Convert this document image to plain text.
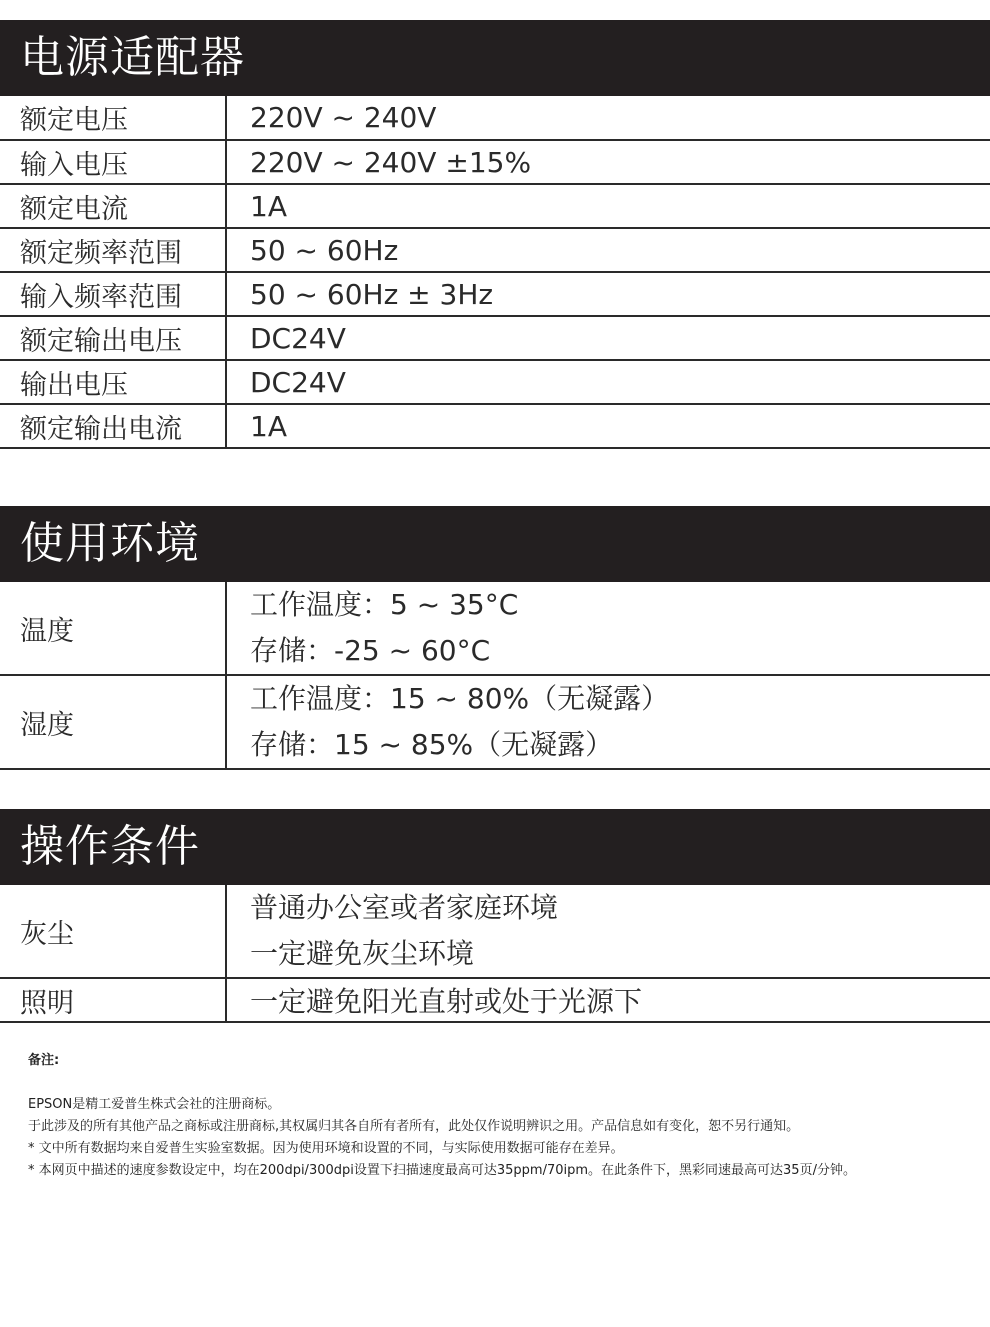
电源适配器
额定电压	220V ~ 240V
输入电压	220V ~ 240V ±15%
额定电流	1A
额定频率范围	50 ~ 60Hz
输入频率范围	50 ~ 60Hz ± 3Hz
额定输出电压	DC24V
输出电压	DC24V
额定输出电流	1A
使用环境
温度	工作温度：5 ~ 35°C
存储：-25 ~ 60°C

湿度	工作温度：15 ~ 80%（无凝露）
存储：15 ~ 85%（无凝露）
操作条件
灰尘	普通办公室或者家庭环境
一定避免灰尘环境

照明	一定避免阳光直射或处于光源下
备注:
EPSON是精工爱普生株式会社的注册商标。
于此涉及的所有其他产品之商标或注册商标,其权属归其各自所有者所有，此处仅作说明辨识之用。产品信息如有变化，恕不另行通知。
* 文中所有数据均来自爱普生实验室数据。因为使用环境和设置的不同，与实际使用数据可能存在差异。
* 本网页中描述的速度参数设定中，均在200dpi/300dpi设置下扫描速度最高可达35ppm/70ipm。在此条件下，黑彩同速最高可达35页/分钟。
